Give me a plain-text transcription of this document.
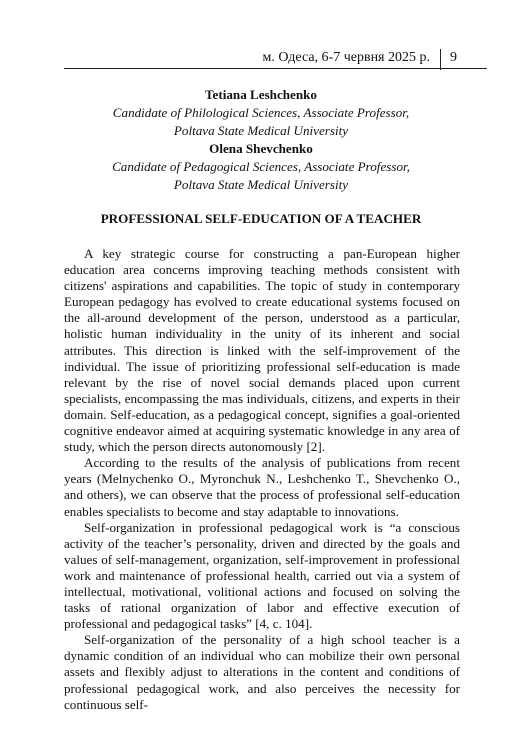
м. Одеса, 6-7 червня 2025 р. 9
Tetiana Leshchenko
Candidate of Philological Sciences, Associate Professor,
Poltava State Medical University
Olena Shevchenko
Candidate of Pedagogical Sciences, Associate Professor,
Poltava State Medical University
PROFESSIONAL SELF-EDUCATION OF A TEACHER

A key strategic course for constructing a pan-European higher education area concerns improving teaching methods consistent with citizens' aspirations and capabilities. The topic of study in contemporary European pedagogy has evolved to create educational systems focused on the all-around development of the person, understood as a particular, holistic human individuality in the unity of its inherent and social attributes. This direction is linked with the self-improvement of the individual. The issue of prioritizing professional self-education is made relevant by the rise of novel social demands placed upon current specialists, encompassing the mas individuals, citizens, and experts in their domain. Self-education, as a pedagogical concept, signifies a goal-oriented cognitive endeavor aimed at acquiring systematic knowledge in any area of study, which the person directs autonomously [2].

According to the results of the analysis of publications from recent years (Melnychenko O., Myronchuk N., Leshchenko T., Shevchenko O., and others), we can observe that the process of professional self-education enables specialists to become and stay adaptable to innovations.

Self-organization in professional pedagogical work is “a conscious activity of the teacher’s personality, driven and directed by the goals and values of self-management, organization, self-improvement in professional work and maintenance of professional health, carried out via a system of intellectual, motivational, volitional actions and focused on solving the tasks of rational organization of labor and effective execution of professional and pedagogical tasks” [4, c. 104].

Self-organization of the personality of a high school teacher is a dynamic condition of an individual who can mobilize their own personal assets and flexibly adjust to alterations in the content and conditions of professional pedagogical work, and also perceives the necessity for continuous self-
